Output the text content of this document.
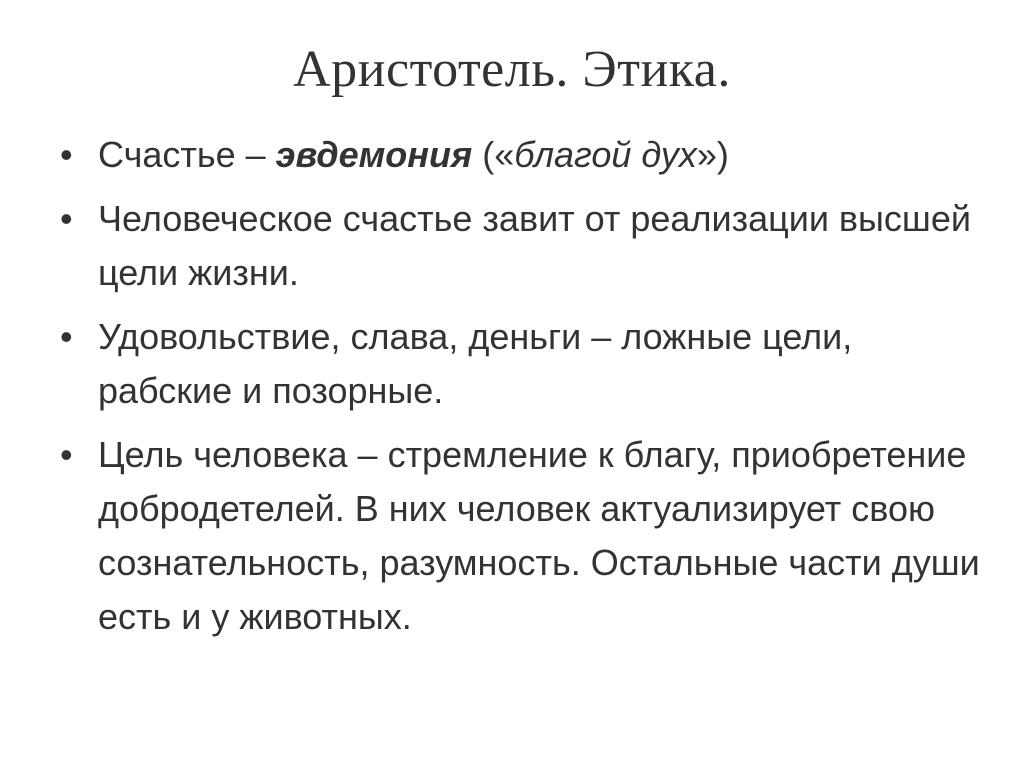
Аристотель. Этика.
• Счастье – эвдемония («благой дух»)
• Человеческое счастье завит от реализации высшей цели жизни.
• Удовольствие, слава, деньги – ложные цели, рабские и позорные.
• Цель человека – стремление к благу, приобретение добродетелей. В них человек актуализирует свою сознательность, разумность. Остальные части души есть и у животных.
